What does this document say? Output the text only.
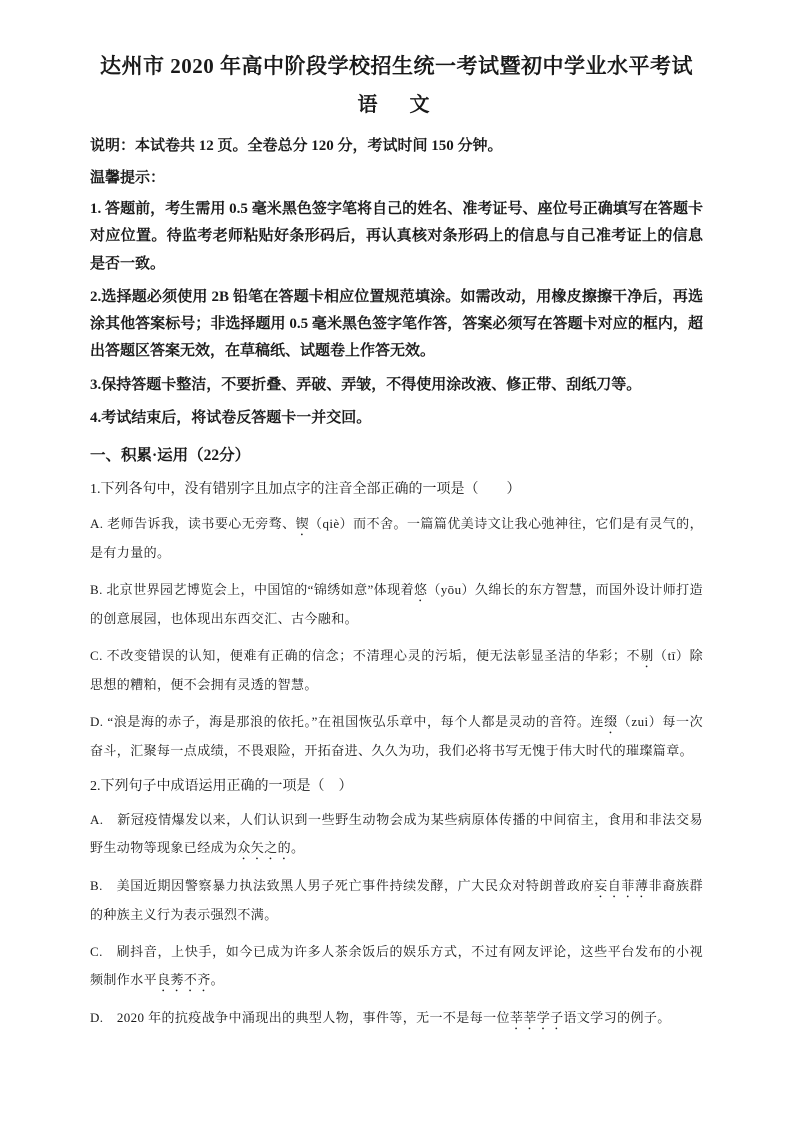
达州市 2020 年高中阶段学校招生统一考试暨初中学业水平考试
语　文

说明：本试卷共 12 页。全卷总分 120 分，考试时间 150 分钟。

温馨提示：

1. 答题前，考生需用 0.5 毫米黑色签字笔将自己的姓名、准考证号、座位号正确填写在答题卡对应位置。待监考老师粘贴好条形码后，再认真核对条形码上的信息与自己准考证上的信息是否一致。

2.选择题必须使用 2B 铅笔在答题卡相应位置规范填涂。如需改动，用橡皮擦擦干净后，再选涂其他答案标号；非选择题用 0.5 毫米黑色签字笔作答，答案必须写在答题卡对应的框内，超出答题区答案无效，在草稿纸、试题卷上作答无效。

3.保持答题卡整洁，不要折叠、弄破、弄皱，不得使用涂改液、修正带、刮纸刀等。

4.考试结束后，将试卷反答题卡一并交回。

一、积累·运用（22分）

1.下列各句中，没有错别字且加点字的注音全部正确的一项是（　　）

A. 老师告诉我，读书要心无旁骛、锲（qiè）而不舍。一篇篇优美诗文让我心弛神往，它们是有灵气的，是有力量的。

B. 北京世界园艺博览会上，中国馆的“锦绣如意”体现着悠（yōu）久绵长的东方智慧，而国外设计师打造的创意展园，也体现出东西交汇、古今融和。

C. 不改变错误的认知，便难有正确的信念；不清理心灵的污垢，便无法彰显圣洁的华彩；不剔（tī）除思想的糟粕，便不会拥有灵透的智慧。

D. “浪是海的赤子，海是那浪的依托。”在祖国恢弘乐章中，每个人都是灵动的音符。连缀（zui）每一次奋斗，汇聚每一点成绩，不畏艰险，开拓奋进、久久为功，我们必将书写无愧于伟大时代的璀璨篇章。

2.下列句子中成语运用正确的一项是（　）

A.　新冠疫情爆发以来，人们认识到一些野生动物会成为某些病原体传播的中间宿主，食用和非法交易野生动物等现象已经成为众矢之的。

B.　美国近期因警察暴力执法致黑人男子死亡事件持续发酵，广大民众对特朗普政府妄自菲薄非裔族群的种族主义行为表示强烈不满。

C.　刷抖音，上快手，如今已成为许多人茶余饭后的娱乐方式，不过有网友评论，这些平台发布的小视频制作水平良莠不齐。

D.　2020 年的抗疫战争中涌现出的典型人物，事件等，无一不是每一位莘莘学子语文学习的例子。
